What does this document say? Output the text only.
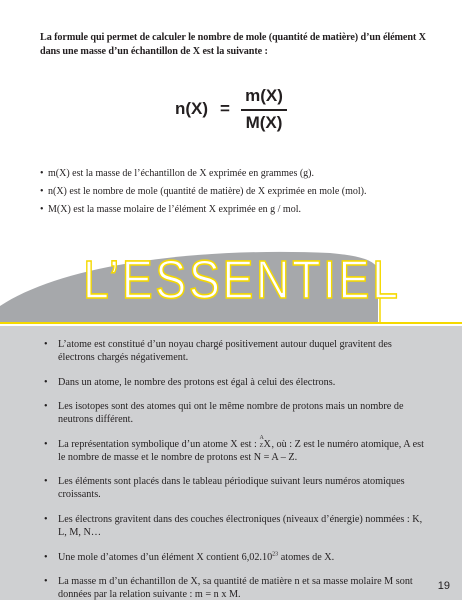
La formule qui permet de calculer le nombre de mole (quantité de matière) d’un élément X dans une masse d’un échantillon de X est la suivante :
n(X) =
m(X)
M(X)
• m(X) est la masse de l’échantillon de X exprimée en grammes (g).
• n(X) est le nombre de mole (quantité de matière) de X exprimée en mole (mol).
• M(X) est la masse molaire de l’élément X exprimée en g / mol.
L’ESSENTIEL
• L’atome est constitué d’un noyau chargé positivement autour duquel gravitent des électrons chargés négativement.
• Dans un atome, le nombre des protons est égal à celui des électrons.
• Les isotopes sont des atomes qui ont le même nombre de protons mais un nombre de neutrons différent.
• La représentation symbolique d’un atome X est :
A
Z X, où : Z est le numéro atomique, A est le nombre de masse et le nombre de protons est N = A – Z.
• Les éléments sont placés dans le tableau périodique suivant leurs numéros atomiques croissants.
• Les électrons gravitent dans des couches électroniques (niveaux d’énergie) nommées : K, L, M, N…
• Une mole d’atomes d’un élément X contient 6,02.10$^{23}$ atomes de X.
• La masse m d’un échantillon de X, sa quantité de matière n et sa masse molaire M sont données par la relation suivante : m = n x M.
19
